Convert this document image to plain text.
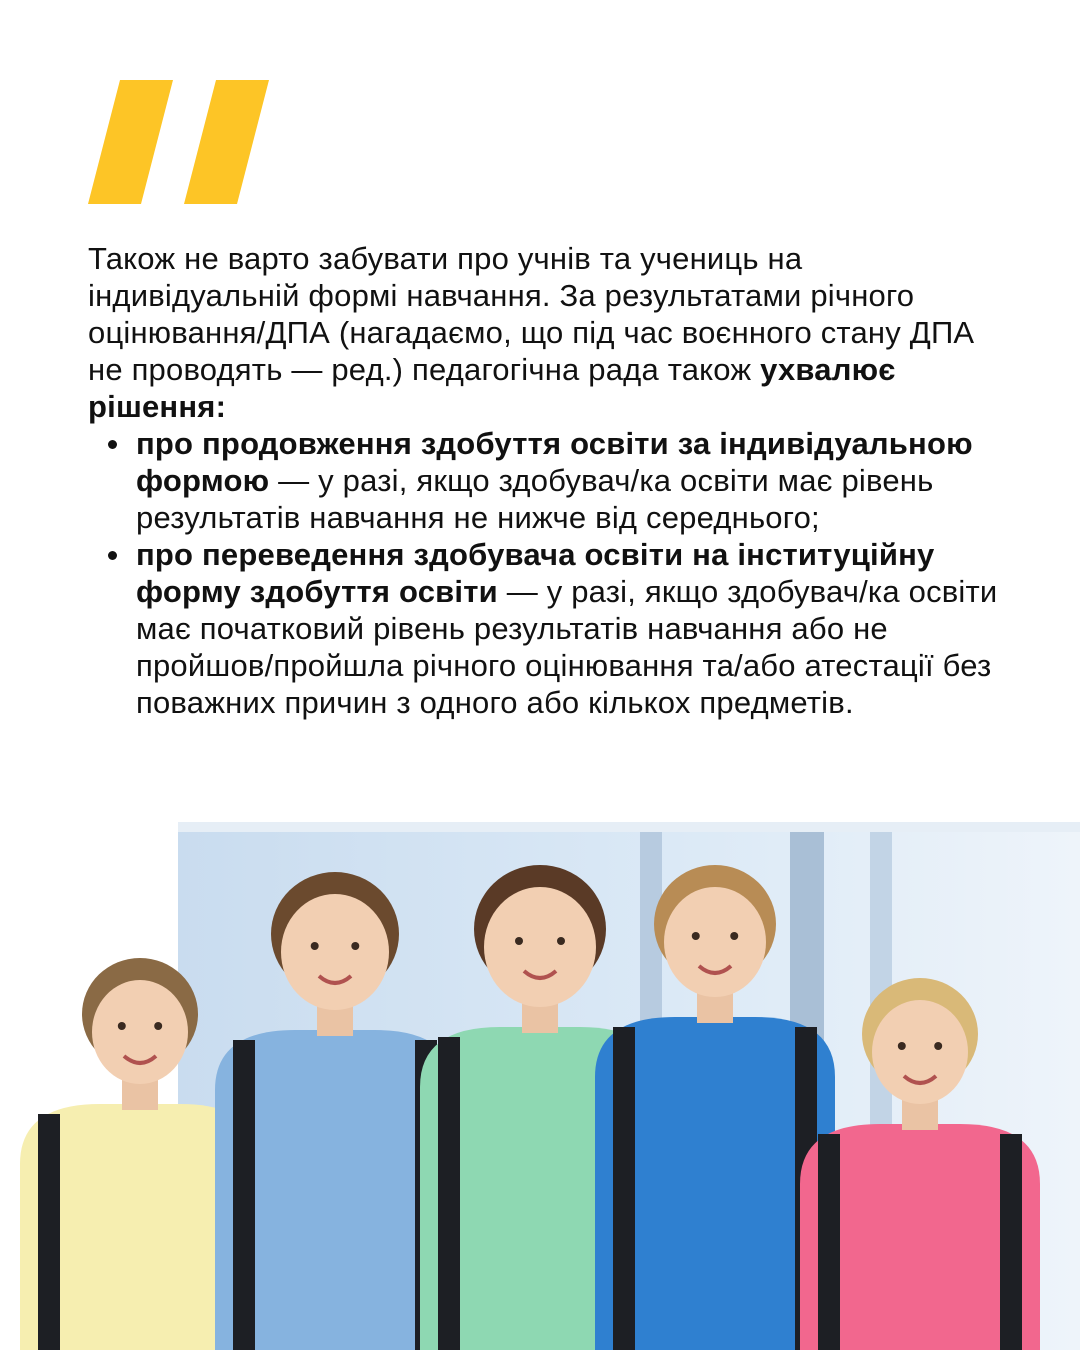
Також не варто забувати про учнів та учениць на індивідуальній формі навчання. За результатами річного оцінювання/ДПА (нагадаємо, що під час воєнного стану ДПА не проводять — ред.) педагогічна рада також ухвалює рішення:

про продовження здобуття освіти за індивідуальною формою — у разі, якщо здобувач/ка освіти має рівень результатів навчання не нижче від середнього;
про переведення здобувача освіти на інституційну форму здобуття освіти — у разі, якщо здобувач/ка освіти має початковий рівень результатів навчання або не пройшов/пройшла річного оцінювання та/або атестації без поважних причин з одного або кількох предметів.
